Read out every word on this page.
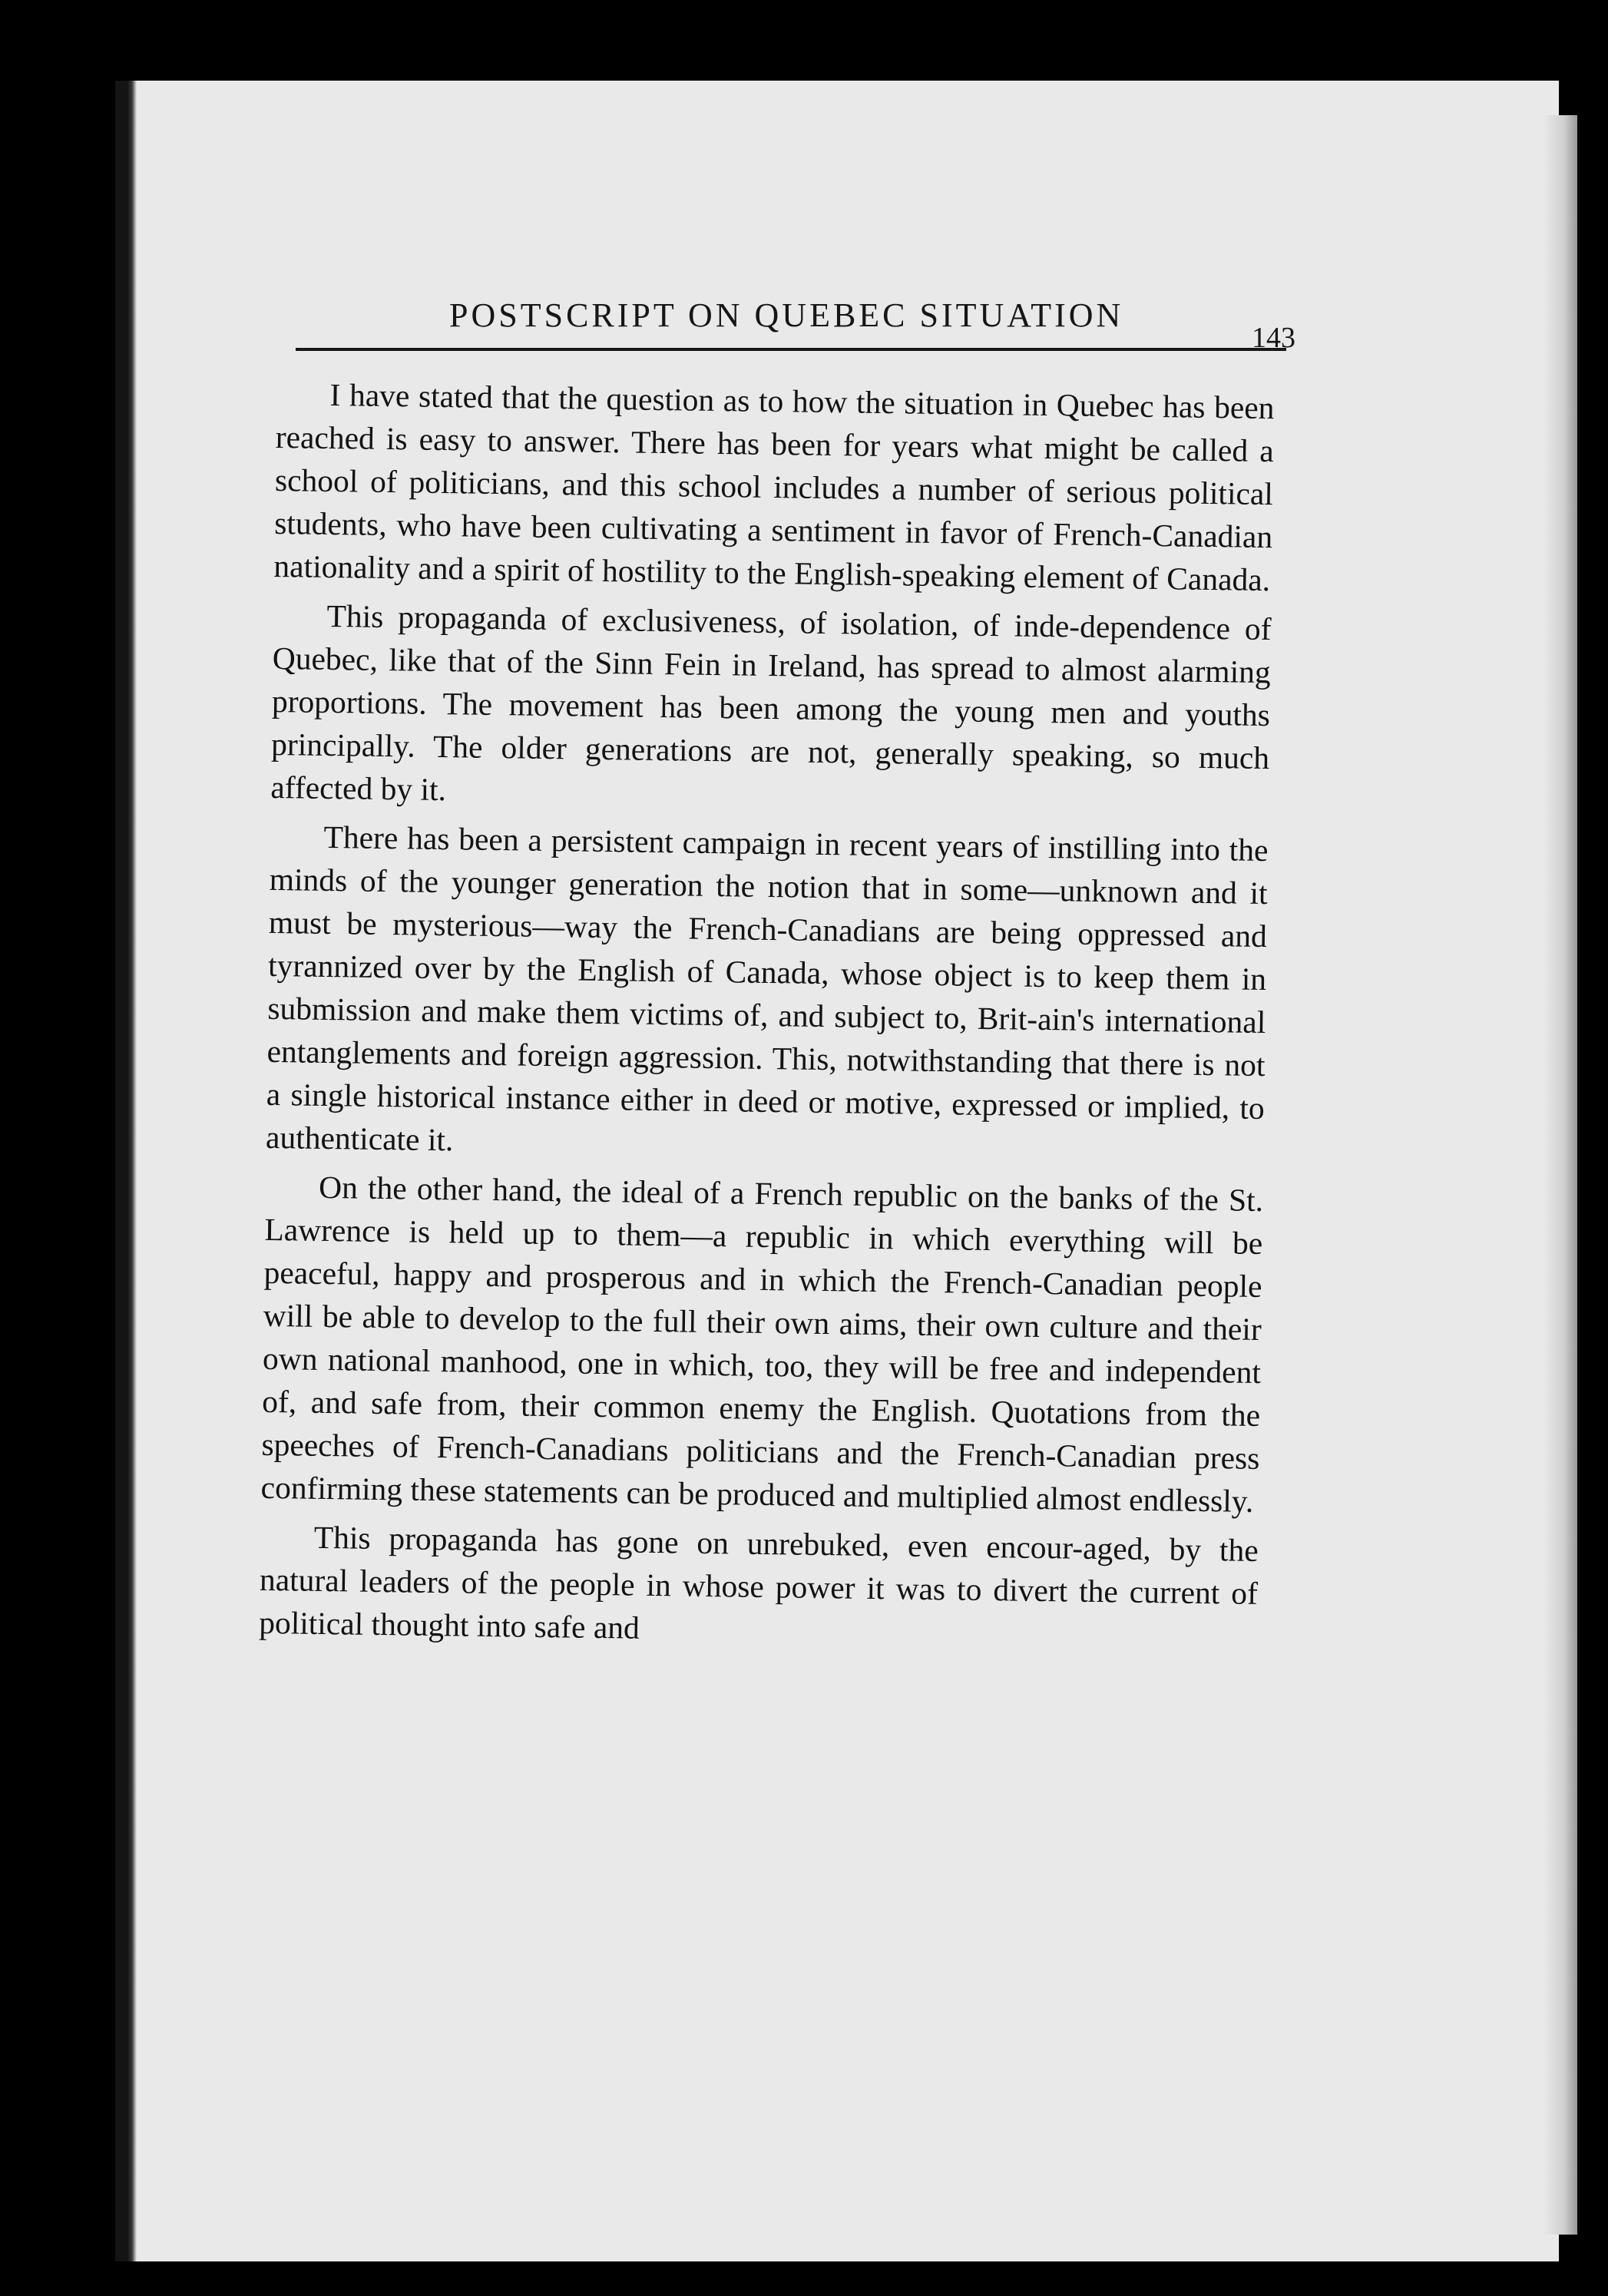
POSTSCRIPT ON QUEBEC SITUATION
143

I have stated that the question as to how the situation in Quebec has been reached is easy to answer. There has been for years what might be called a school of politicians, and this school includes a number of serious political students, who have been cultivating a sentiment in favor of French-Canadian nationality and a spirit of hostility to the English-speaking element of Canada.

This propaganda of exclusiveness, of isolation, of inde-dependence of Quebec, like that of the Sinn Fein in Ireland, has spread to almost alarming proportions. The movement has been among the young men and youths principally. The older generations are not, generally speaking, so much affected by it.

There has been a persistent campaign in recent years of instilling into the minds of the younger generation the notion that in some—unknown and it must be mysterious—way the French-Canadians are being oppressed and tyrannized over by the English of Canada, whose object is to keep them in submission and make them victims of, and subject to, Brit-ain's international entanglements and foreign aggression. This, notwithstanding that there is not a single historical instance either in deed or motive, expressed or implied, to authenticate it.

On the other hand, the ideal of a French republic on the banks of the St. Lawrence is held up to them—a republic in which everything will be peaceful, happy and prosperous and in which the French-Canadian people will be able to develop to the full their own aims, their own culture and their own national manhood, one in which, too, they will be free and independent of, and safe from, their common enemy the English. Quotations from the speeches of French-Canadians politicians and the French-Canadian press confirming these statements can be produced and multiplied almost endlessly.

This propaganda has gone on unrebuked, even encour-aged, by the natural leaders of the people in whose power it was to divert the current of political thought into safe and
